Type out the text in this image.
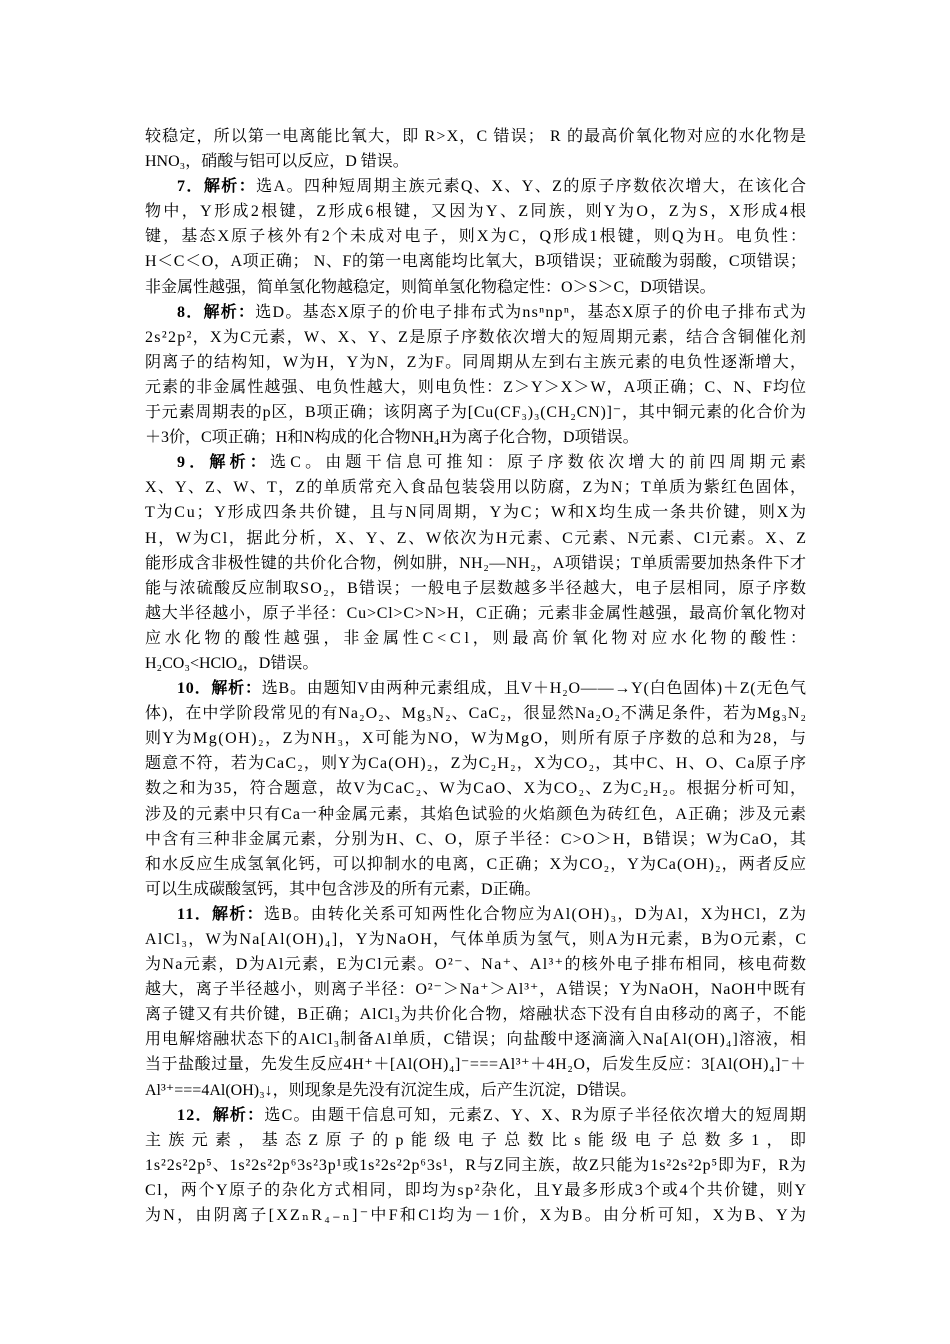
较稳定，所以第一电离能比氧大，即 R>X，C 错误； R 的最高价氧化物对应的水化物是
HNO₃，硝酸与铝可以反应，D 错误。
7．解析：选A。四种短周期主族元素Q、X、Y、Z的原子序数依次增大，在该化合
物中，Y形成2根键，Z形成6根键，又因为Y、Z同族，则Y为O，Z为S，X形成4根
键，基态X原子核外有2个未成对电子，则X为C，Q形成1根键，则Q为H。电负性：
H＜C＜O，A项正确； N、F的第一电离能均比氧大，B项错误；亚硫酸为弱酸，C项错误；
非金属性越强，简单氢化物越稳定，则简单氢化物稳定性：O＞S＞C，D项错误。
8．解析：选D。基态X原子的价电子排布式为nsⁿnpⁿ，基态X原子的价电子排布式为
2s²2p²，X为C元素，W、X、Y、Z是原子序数依次增大的短周期元素，结合含铜催化剂
阴离子的结构知，W为H，Y为N，Z为F。同周期从左到右主族元素的电负性逐渐增大，
元素的非金属性越强、电负性越大，则电负性：Z＞Y＞X＞W，A项正确；C、N、F均位
于元素周期表的p区，B项正确；该阴离子为[Cu(CF₃)₃(CH₂CN)]⁻，其中铜元素的化合价为
＋3价，C项正确；H和N构成的化合物NH₄H为离子化合物，D项错误。
9．解析：选C。由题干信息可推知：原子序数依次增大的前四周期元素
X、Y、Z、W、T，Z的单质常充入食品包装袋用以防腐，Z为N；T单质为紫红色固体，
T为Cu；Y形成四条共价键，且与N同周期，Y为C；W和X均生成一条共价键，则X为
H，W为Cl，据此分析，X、Y、Z、W依次为H元素、C元素、N元素、Cl元素。X、Z
能形成含非极性键的共价化合物，例如肼，NH₂—NH₂，A项错误；T单质需要加热条件下才
能与浓硫酸反应制取SO₂，B错误；一般电子层数越多半径越大，电子层相同，原子序数
越大半径越小，原子半径：Cu>Cl>C>N>H，C正确；元素非金属性越强，最高价氧化物对
应水化物的酸性越强，非金属性C<Cl，则最高价氧化物对应水化物的酸性：
H₂CO₃<HClO₄，D错误。
10．解析：选B。由题知V由两种元素组成，且V＋H₂O——→Y(白色固体)＋Z(无色气
体)，在中学阶段常见的有Na₂O₂、Mg₃N₂、CaC₂，很显然Na₂O₂不满足条件，若为Mg₃N₂
则Y为Mg(OH)₂，Z为NH₃，X可能为NO，W为MgO，则所有原子序数的总和为28，与
题意不符，若为CaC₂，则Y为Ca(OH)₂，Z为C₂H₂，X为CO₂，其中C、H、O、Ca原子序
数之和为35，符合题意，故V为CaC₂、W为CaO、X为CO₂、Z为C₂H₂。根据分析可知，
涉及的元素中只有Ca一种金属元素，其焰色试验的火焰颜色为砖红色，A正确；涉及元素
中含有三种非金属元素，分别为H、C、O，原子半径：C>O＞H，B错误；W为CaO，其
和水反应生成氢氧化钙，可以抑制水的电离，C正确；X为CO₂，Y为Ca(OH)₂，两者反应
可以生成碳酸氢钙，其中包含涉及的所有元素，D正确。
11．解析：选B。由转化关系可知两性化合物应为Al(OH)₃，D为Al，X为HCl，Z为
AlCl₃，W为Na[Al(OH)₄]，Y为NaOH，气体单质为氢气，则A为H元素，B为O元素，C
为Na元素，D为Al元素，E为Cl元素。O²⁻、Na⁺、Al³⁺的核外电子排布相同，核电荷数
越大，离子半径越小，则离子半径：O²⁻＞Na⁺＞Al³⁺，A错误；Y为NaOH，NaOH中既有
离子键又有共价键，B正确；AlCl₃为共价化合物，熔融状态下没有自由移动的离子，不能
用电解熔融状态下的AlCl₃制备Al单质，C错误；向盐酸中逐滴滴入Na[Al(OH)₄]溶液，相
当于盐酸过量，先发生反应4H⁺＋[Al(OH)₄]⁻===Al³⁺＋4H₂O，后发生反应：3[Al(OH)₄]⁻＋
Al³⁺===4Al(OH)₃↓，则现象是先没有沉淀生成，后产生沉淀，D错误。
12．解析：选C。由题干信息可知，元素Z、Y、X、R为原子半径依次增大的短周期
主族元素，基态Z原子的p能级电子总数比s能级电子总数多1，即
1s²2s²2p⁵、1s²2s²2p⁶3s²3p¹或1s²2s²2p⁶3s¹，R与Z同主族，故Z只能为1s²2s²2p⁵即为F，R为
Cl，两个Y原子的杂化方式相同，即均为sp²杂化，且Y最多形成3个或4个共价键，则Y
为N，由阴离子[XZₙR₄₋ₙ]⁻中F和Cl均为－1价，X为B。由分析可知，X为B、Y为
